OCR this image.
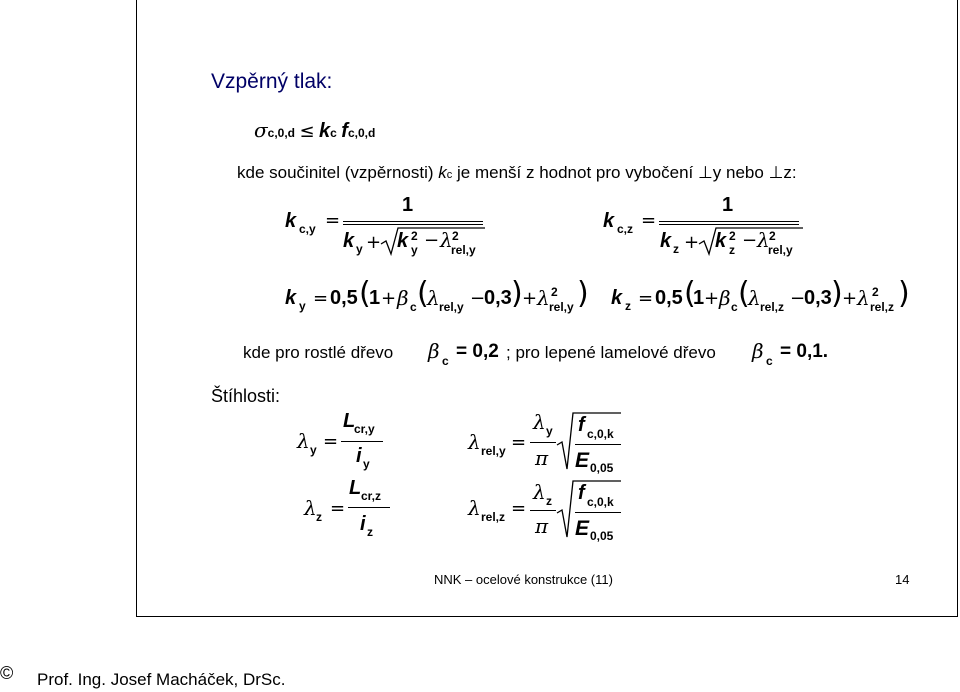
Vzpěrný tlak:
σc,0,d ≤ kc fc,0,d
kde součinitel (vzpěrnosti) kc je menší z hodnot pro vybočení ⊥y nebo ⊥z:
k c,y =
1
k y + k 2
y − λ 2
rel,y
k c,z =
1
k z + k 2
z − λ 2
rel,y
k y = 0,5 (
1 + β c (
λ rel,y −
0,3 ) + λ 2
rel,y ) k z = 0,5 (
1 + β c (
λ rel,z −
0,3 ) + λ 2
rel,z )
kde pro rostlé dřevo β c = 0,2 ; pro lepené lamelové dřevo β c = 0,1.
Štíhlosti:
λ y =
L
cr,y
i y
λ z =
L cr,z
i z
λ rel,y =
λ y
π
f c,0,k
E 0,05
λ rel,z =
λ z
π
f c,0,k
E 0,05
NNK – ocelové konstrukce (11)	14
© Prof. Ing. Josef Macháček, DrSc.
